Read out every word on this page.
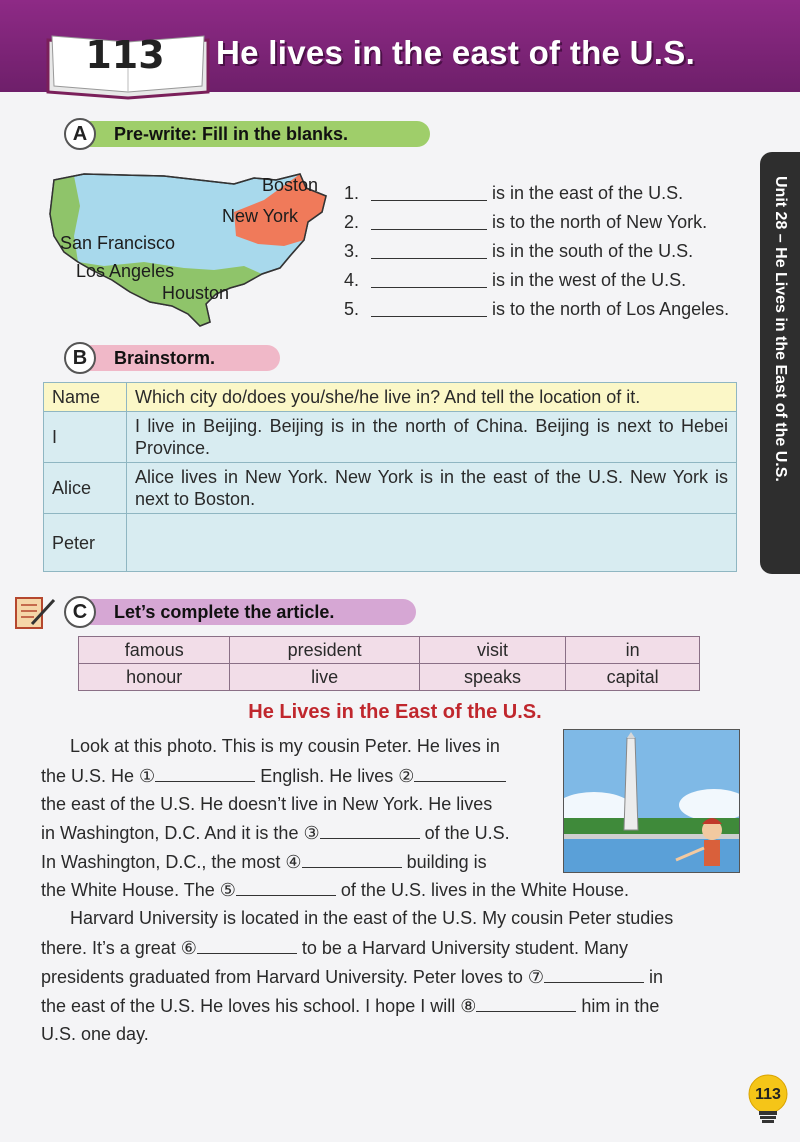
113 He lives in the east of the U.S.
Unit 28 – He Lives in the East of the U.S.
Pre-write: Fill in the blanks.
A
Boston
New York
San Francisco
Los Angeles
Houston
1.	is in the east of the U.S.
2.	is to the north of New York.
3.	is in the south of the U.S.
4.	is in the west of the U.S.
5.	is to the north of Los Angeles.
Brainstorm.
B
Name	Which city do/does you/she/he live in? And tell the location of it.
I	I live in Beijing. Beijing is in the north of China. Beijing is next to Hebei Province.
Alice	Alice lives in New York. New York is in the east of the U.S. New York is next to Boston.
Peter	
Let’s complete the article.
C
famous	president	visit	in
honour	live	speaks	capital
He Lives in the East of the U.S.
Look at this photo. This is my cousin Peter. He lives in
the U.S. He ①	English. He lives ②
the east of the U.S. He doesn’t live in New York. He lives
in Washington, D.C. And it is the ③	of the U.S.
In Washington, D.C., the most ④	building is
the White House. The ⑤	of the U.S. lives in the White House.
Harvard University is located in the east of the U.S. My cousin Peter studies
there. It’s a great ⑥	to be a Harvard University student. Many
presidents graduated from Harvard University. Peter loves to ⑦	in
the east of the U.S. He loves his school. I hope I will ⑧	him in the
U.S. one day.
113
